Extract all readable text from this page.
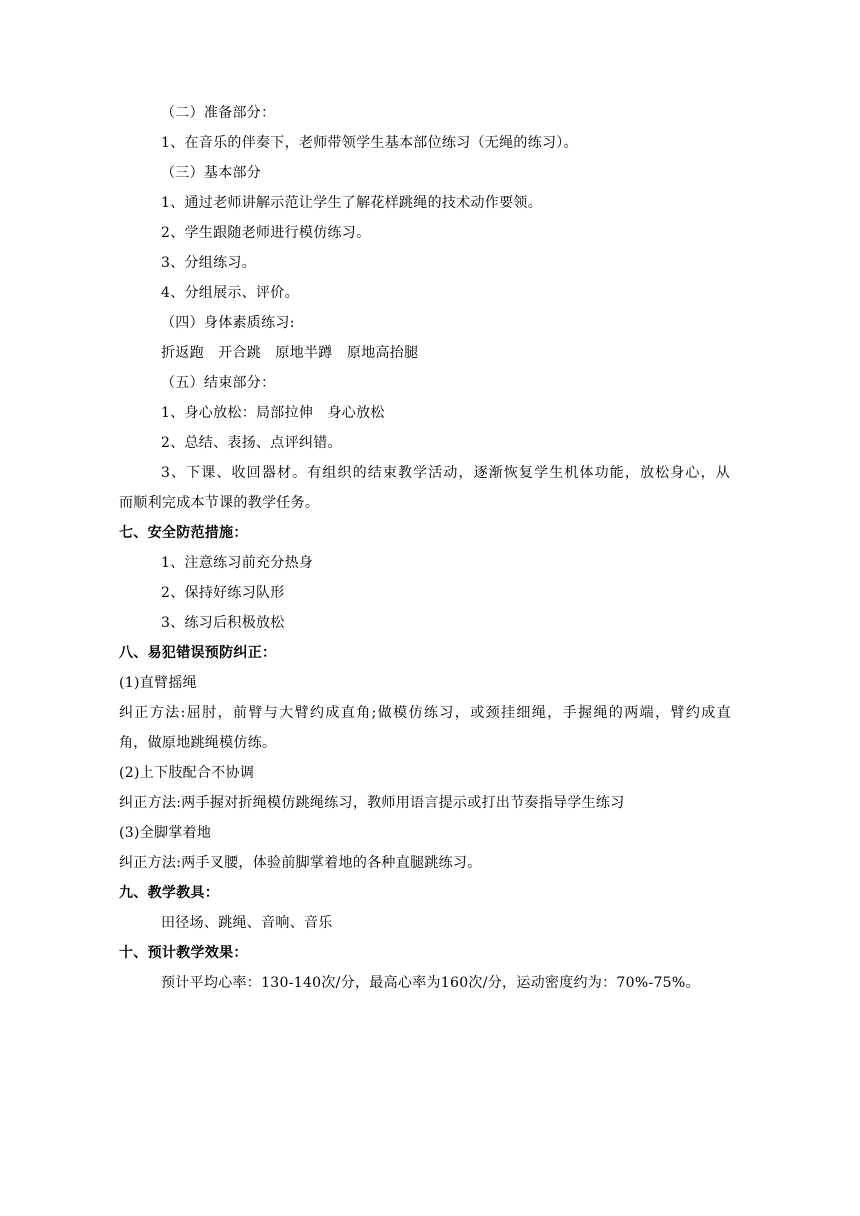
（二）准备部分：
1、在音乐的伴奏下，老师带领学生基本部位练习（无绳的练习）。
（三）基本部分
1、通过老师讲解示范让学生了解花样跳绳的技术动作要领。
2、学生跟随老师进行模仿练习。
3、分组练习。
4、分组展示、评价。
（四）身体素质练习:
折返跑　开合跳　原地半蹲　原地高抬腿
（五）结束部分：
1、身心放松：局部拉伸　身心放松
2、总结、表扬、点评纠错。
3、下课、收回器材。有组织的结束教学活动，逐渐恢复学生机体功能，放松身心，从
而顺利完成本节课的教学任务。
七、安全防范措施：
1、注意练习前充分热身
2、保持好练习队形
3、练习后积极放松
八、易犯错误预防纠正：
(1)直臂摇绳
纠正方法:屈肘，前臂与大臂约成直角;做模仿练习，或颈挂细绳，手握绳的两端，臂约成直
角，做原地跳绳模仿练。
(2)上下肢配合不协调
纠正方法:两手握对折绳模仿跳绳练习，教师用语言提示或打出节奏指导学生练习
(3)全脚掌着地
纠正方法:两手叉腰，体验前脚掌着地的各种直腿跳练习。
九、教学教具：
田径场、跳绳、音响、音乐
十、预计教学效果：
预计平均心率：130-140次/分，最高心率为160次/分，运动密度约为：70%-75%。
